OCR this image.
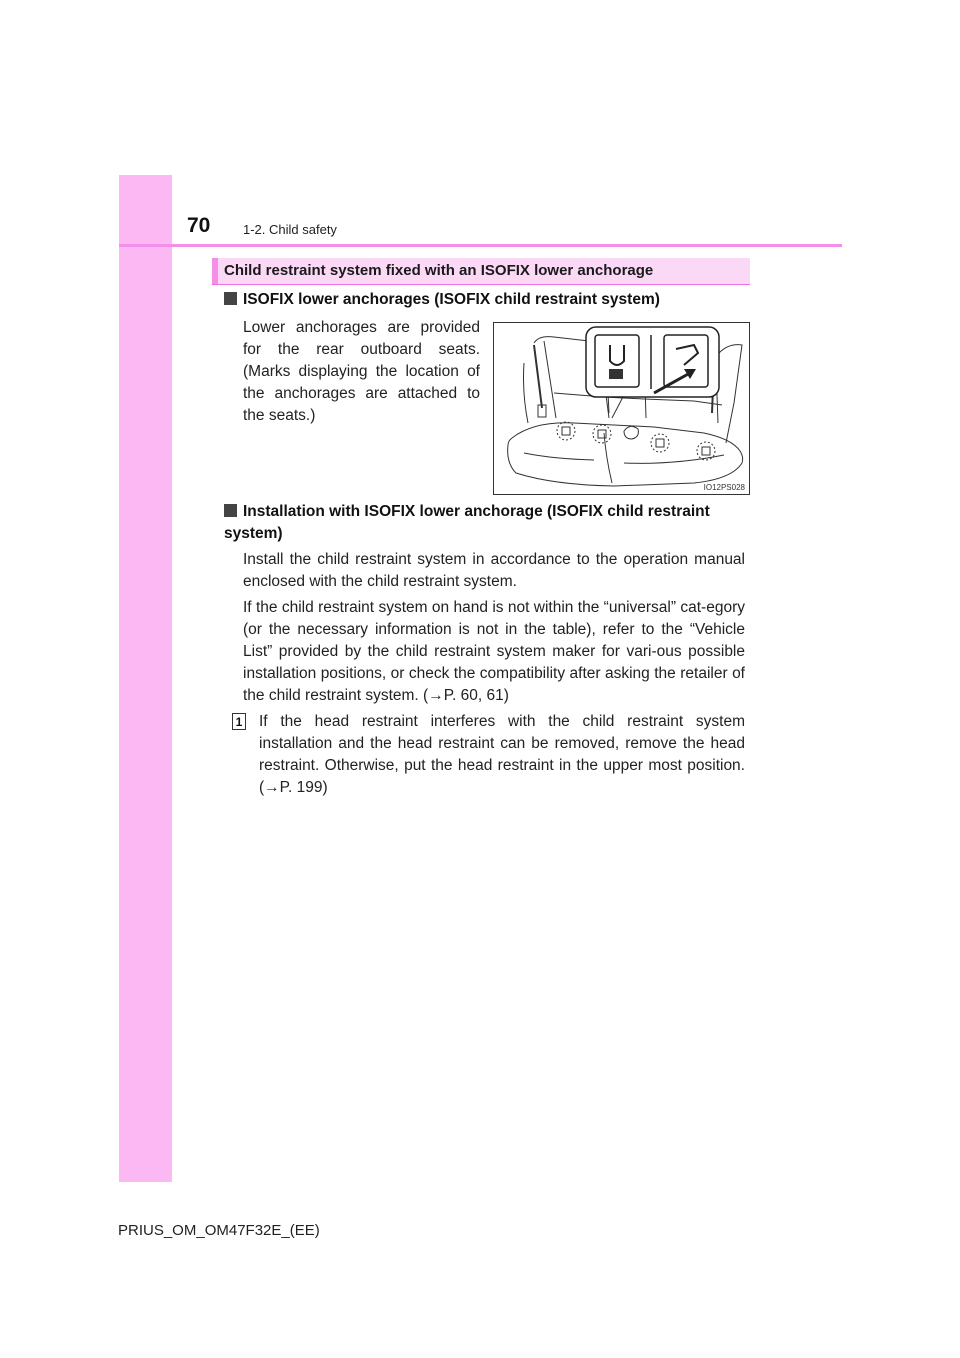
70	1-2. Child safety
Child restraint system fixed with an ISOFIX lower anchorage
ISOFIX lower anchorages (ISOFIX child restraint system)
Lower anchorages are provided for the rear outboard seats. (Marks displaying the location of the anchorages are attached to the seats.)
IO12PS028
Installation with ISOFIX lower anchorage (ISOFIX child restraint system)
Install the child restraint system in accordance to the operation manual enclosed with the child restraint system.
If the child restraint system on hand is not within the “universal” cat-egory (or the necessary information is not in the table), refer to the “Vehicle List” provided by the child restraint system maker for vari-ous possible installation positions, or check the compatibility after asking the retailer of the child restraint system. (→P. 60, 61)
1 If the head restraint interferes with the child restraint system installation and the head restraint can be removed, remove the head restraint. Otherwise, put the head restraint in the upper most position. (→P. 199)
PRIUS_OM_OM47F32E_(EE)
